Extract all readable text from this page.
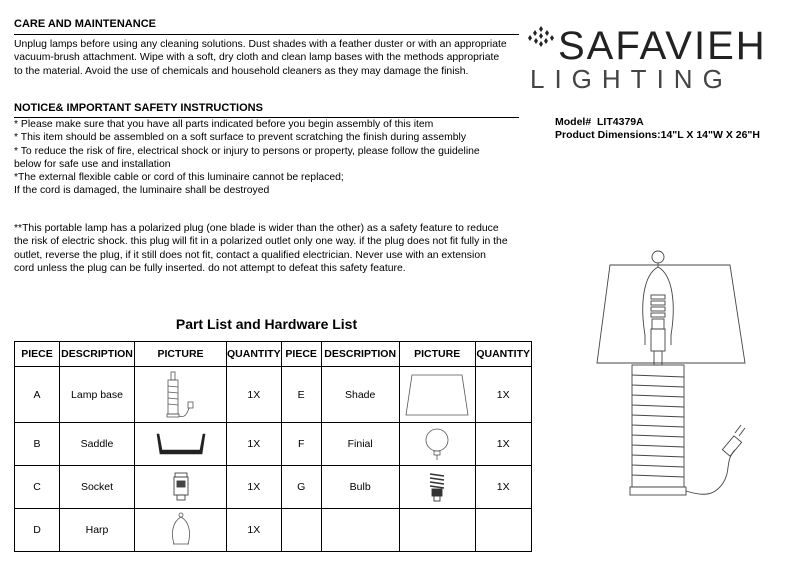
CARE AND MAINTENANCE
Unplug lamps before using any cleaning solutions. Dust shades with a feather duster or with an appropriate
vacuum-brush attachment. Wipe with a soft, dry cloth and clean lamp bases with the methods appropriate
to the material. Avoid the use of chemicals and household cleaners as they may damage the finish.
NOTICE& IMPORTANT SAFETY INSTRUCTIONS
* Please make sure that you have all parts indicated before you begin assembly of this item
* This item should be assembled on a soft surface to prevent scratching the finish during assembly
* To reduce the risk of fire, electrical shock or injury to persons or property, please follow the guideline
below for safe use and installation
*The external flexible cable or cord of this luminaire cannot be replaced;
If the cord is damaged, the luminaire shall be destroyed
**This portable lamp has a polarized plug (one blade is wider than the other) as a safety feature to reduce
the risk of electric shock. this plug will fit in a polarized outlet only one way. if the plug does not fit fully in the
outlet, reverse the plug, if it still does not fit, contact a qualified electrician. Never use with an extension
cord unless the plug can be fully inserted. do not attempt to defeat this safety feature.
SAFAVIEH
LIGHTING
Model# LIT4379A
Product Dimensions:14"L X 14"W X 26"H
Part List and Hardware List
PIECE	DESCRIPTION	PICTURE	QUANTITY	PIECE	DESCRIPTION	PICTURE	QUANTITY
A	Lamp base		1X	E	Shade		1X
B	Saddle		1X	F	Finial		1X
C	Socket		1X	G	Bulb		1X
D	Harp		1X				
